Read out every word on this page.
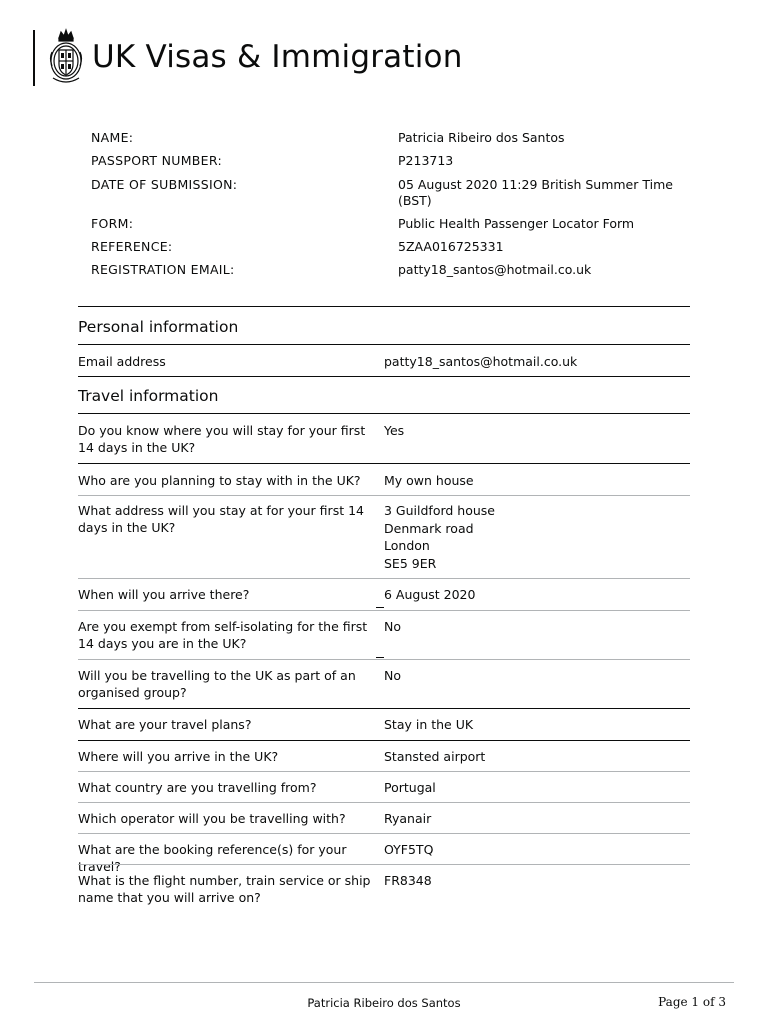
UK Visas & Immigration
NAME:	Patricia Ribeiro dos Santos
PASSPORT NUMBER:	P213713
DATE OF SUBMISSION:	05 August 2020 11:29 British Summer Time (BST)
FORM:	Public Health Passenger Locator Form
REFERENCE:	5ZAA016725331
REGISTRATION EMAIL:	patty18_santos@hotmail.co.uk
Personal information
Email address	patty18_santos@hotmail.co.uk
Travel information
Do you know where you will stay for your first 14 days in the UK?
Yes
Who are you planning to stay with in the UK?	My own house
What address will you stay at for your first 14 days in the UK?
3 Guildford house
Denmark road
London
SE5 9ER
When will you arrive there?	6 August 2020
Are you exempt from self-isolating for the first 14 days you are in the UK?
No
Will you be travelling to the UK as part of an organised group?
No
What are your travel plans?	Stay in the UK
Where will you arrive in the UK?	Stansted airport
What country are you travelling from?	Portugal
Which operator will you be travelling with?	Ryanair
What are the booking reference(s) for your travel?
OYF5TQ
What is the flight number, train service or ship name that you will arrive on?
FR8348
Patricia Ribeiro dos Santos	Page 1 of 3
